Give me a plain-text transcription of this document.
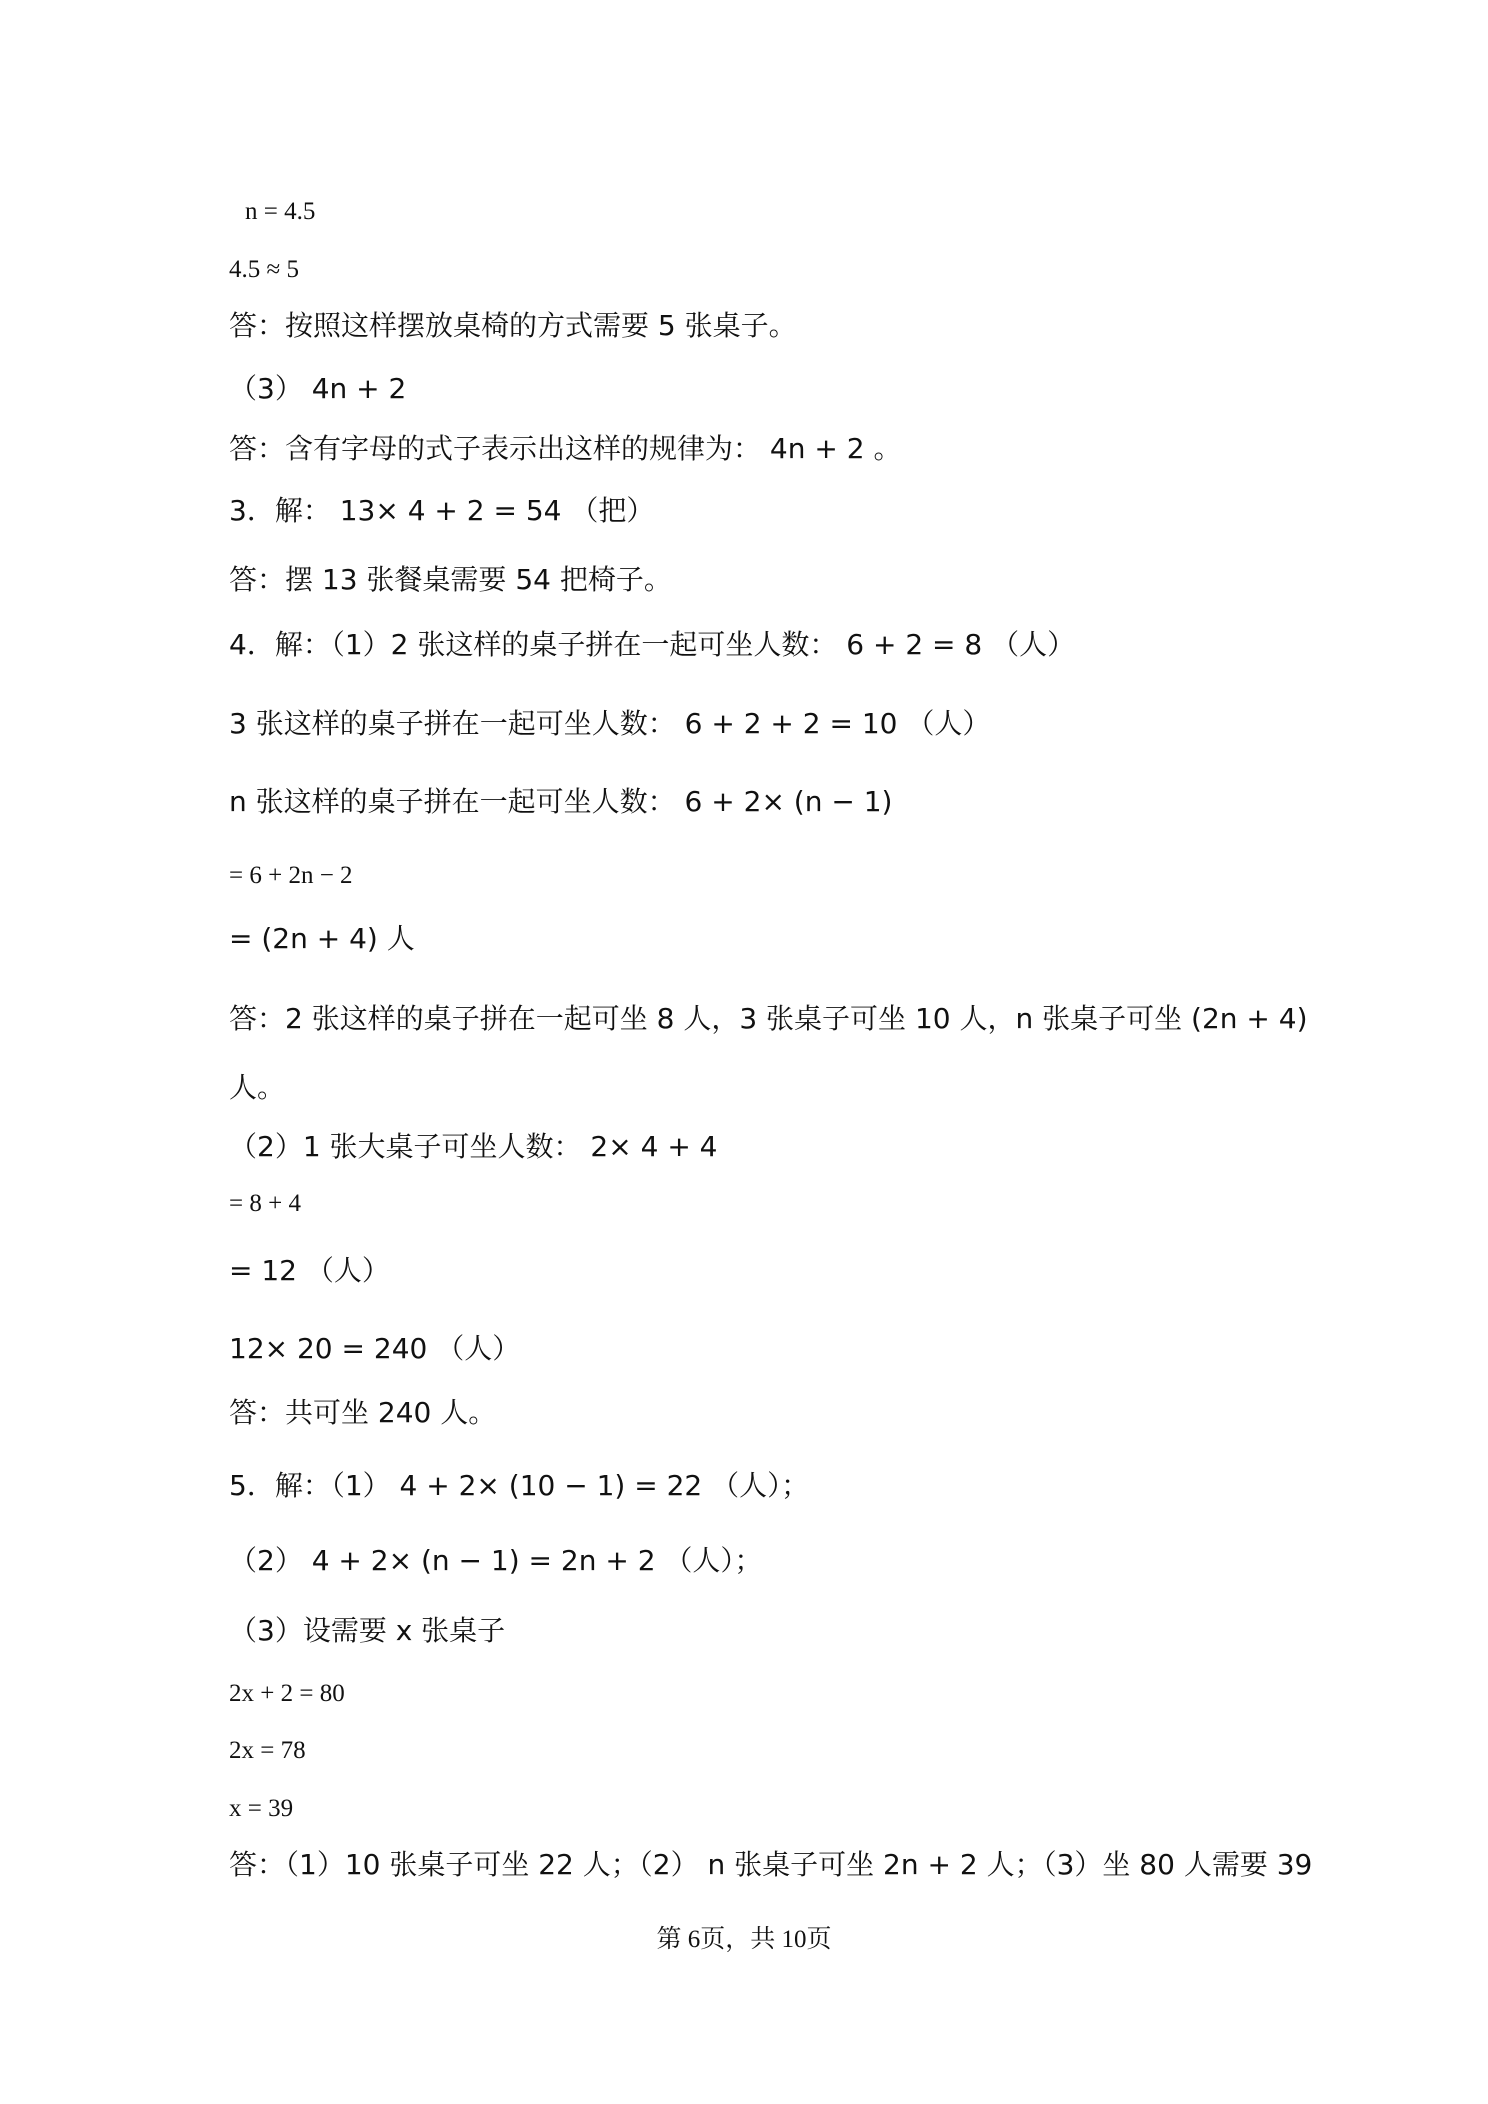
n = 4.5
4.5 ≈ 5
答：按照这样摆放桌椅的方式需要 5 张桌子。
（3） 4n + 2
答：含有字母的式子表示出这样的规律为： 4n + 2 。
3．解： 13× 4 + 2 = 54 （把）
答：摆 13 张餐桌需要 54 把椅子。
4．解：（1）2 张这样的桌子拼在一起可坐人数： 6 + 2 = 8 （人）
3 张这样的桌子拼在一起可坐人数： 6 + 2 + 2 = 10 （人）
n 张这样的桌子拼在一起可坐人数： 6 + 2× (n − 1)
= 6 + 2n − 2
= (2n + 4) 人
答：2 张这样的桌子拼在一起可坐 8 人，3 张桌子可坐 10 人，n 张桌子可坐 (2n + 4)
人。
（2）1 张大桌子可坐人数： 2× 4 + 4
= 8 + 4
= 12 （人）
12× 20 = 240 （人）
答：共可坐 240 人。
5．解：（1） 4 + 2× (10 − 1) = 22 （人）；
（2） 4 + 2× (n − 1) = 2n + 2 （人）；
（3）设需要 x 张桌子
2x + 2 = 80
2x = 78
x = 39
答：（1）10 张桌子可坐 22 人；（2） n 张桌子可坐 2n + 2 人；（3）坐 80 人需要 39
第 6页，共 10页
